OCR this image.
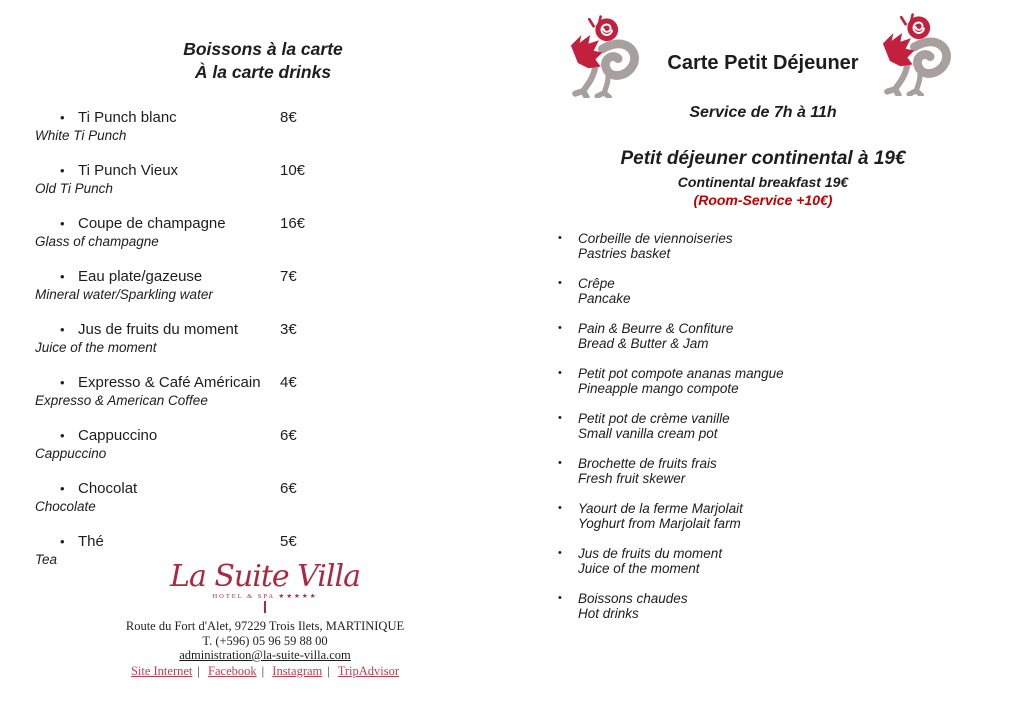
Boissons à la carte
À la carte drinks
• Ti Punch blanc	8€
White Ti Punch
• Ti Punch Vieux	10€
Old Ti Punch
• Coupe de champagne	16€
Glass of champagne
• Eau plate/gazeuse	7€
Mineral water/Sparkling water
• Jus de fruits du moment	3€
Juice of the moment
• Expresso & Café Américain 4€
Expresso & American Coffee
• Cappuccino	6€
Cappuccino
• Chocolat	6€
Chocolate
• Thé	5€
Tea
Carte Petit Déjeuner
Service de 7h à 11h
Petit déjeuner continental à 19€
Continental breakfast 19€
(Room-Service +10€)
• Corbeille de viennoiseries
Pastries basket
• Crêpe
Pancake
• Pain & Beurre & Confiture
Bread & Butter & Jam
• Petit pot compote ananas mangue
Pineapple mango compote
• Petit pot de crème vanille
Small vanilla cream pot
• Brochette de fruits frais
Fresh fruit skewer
• Yaourt de la ferme Marjolait
Yoghurt from Marjolait farm
• Jus de fruits du moment
Juice of the moment
• Boissons chaudes
Hot drinks
La Suite Villa
HOTEL & SPA ★★★★★
Route du Fort d'Alet, 97229 Trois Ilets, MARTINIQUE
T. (+596) 05 96 59 88 00
administration@la-suite-villa.com
Site Internet | Facebook | Instagram | TripAdvisor
